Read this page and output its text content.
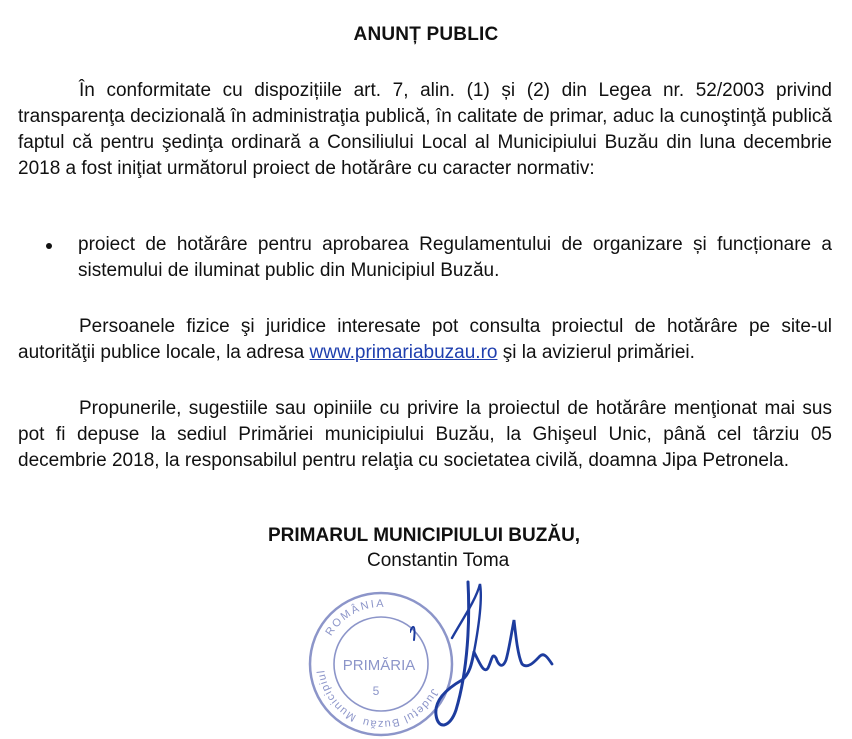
ANUNȚ PUBLIC

În conformitate cu dispozițiile art. 7, alin. (1) și (2) din Legea nr. 52/2003 privind transparenţa decizională în administraţia publică, în calitate de primar, aduc la cunoştinţă publică faptul că pentru şedinţa ordinară a Consiliului Local al Municipiului Buzău din luna decembrie 2018 a fost iniţiat următorul proiect de hotărâre cu caracter normativ:

proiect de hotărâre pentru aprobarea Regulamentului de organizare și funcționare a sistemului de iluminat public din Municipiul Buzău.

Persoanele fizice şi juridice interesate pot consulta proiectul de hotărâre pe site-ul autorităţii publice locale, la adresa www.primariabuzau.ro şi la avizierul primăriei.

Propunerile, sugestiile sau opiniile cu privire la proiectul de hotărâre menţionat mai sus pot fi depuse la sediul Primăriei municipiului Buzău, la Ghişeul Unic, până cel târziu 05 decembrie 2018, la responsabilul pentru relaţia cu societatea civilă, doamna Jipa Petronela.

PRIMARUL MUNICIPIULUI BUZĂU,
Constantin Toma
ROMÂNIA
Județul Buzău
Municipiul	PRIMĂRIA
5
